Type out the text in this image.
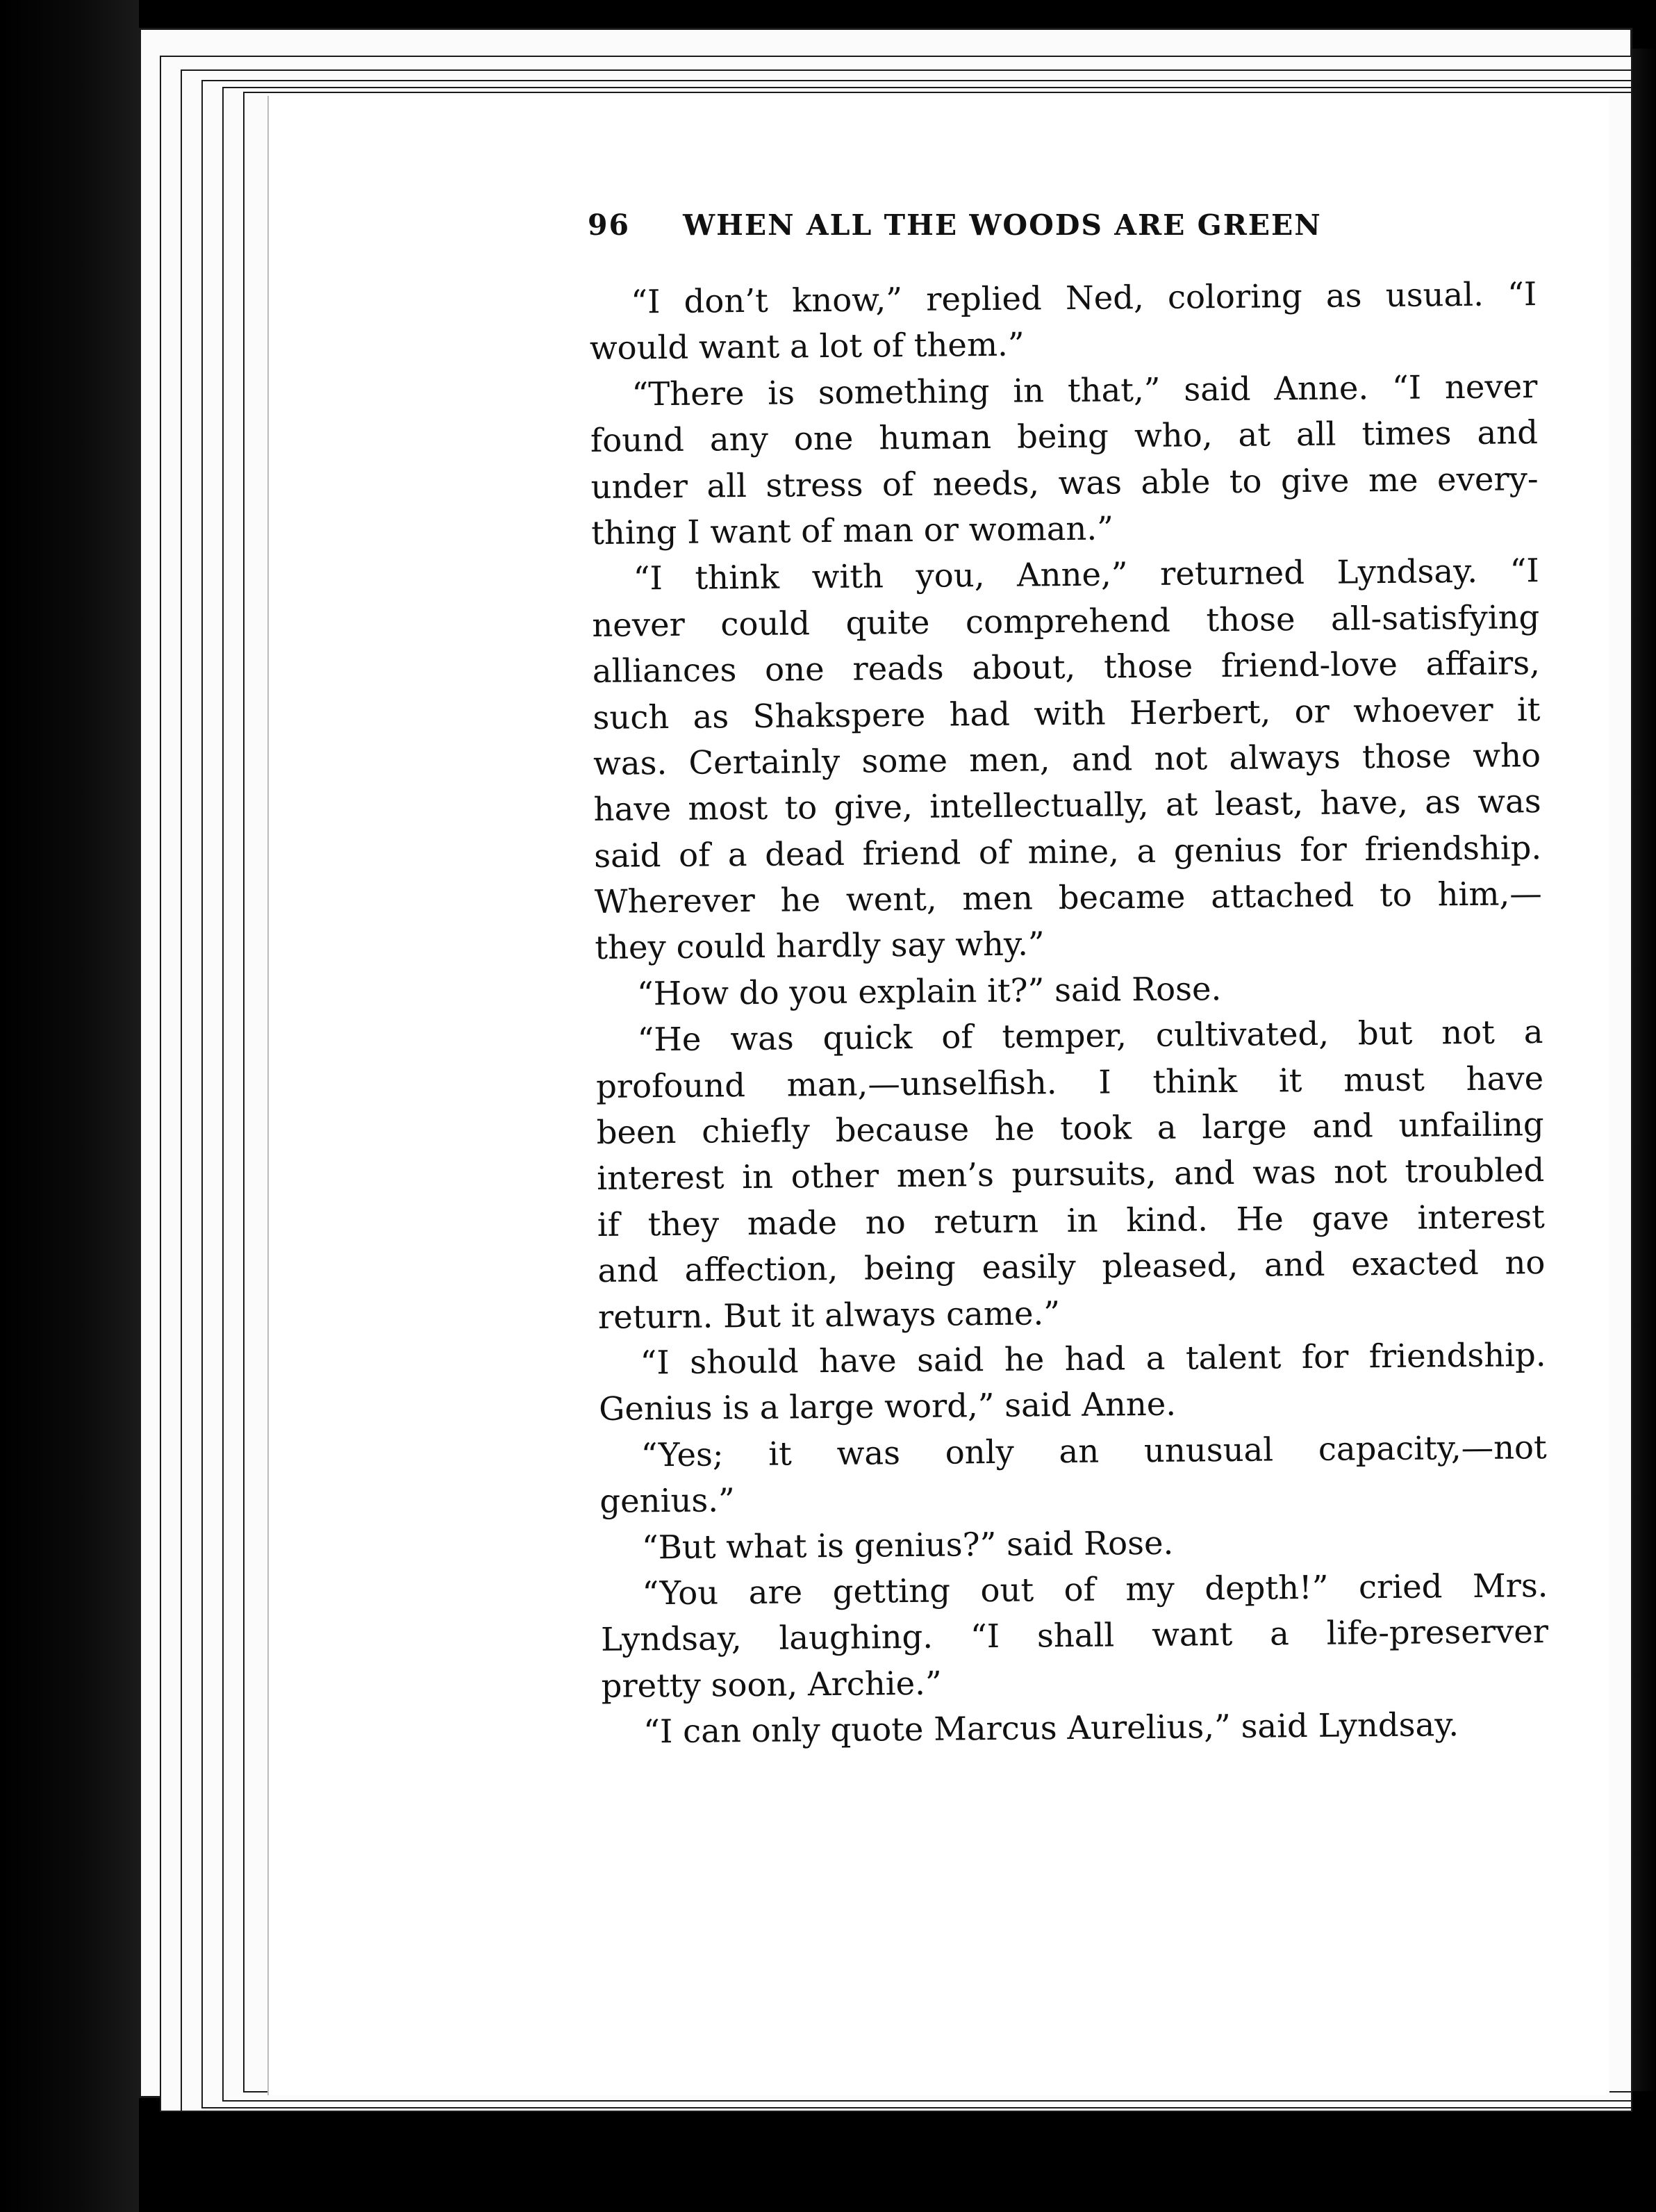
96 WHEN ALL THE WOODS ARE GREEN
“I don’t know,” replied Ned, coloring as usual. “I
would want a lot of them.”
“There is something in that,” said Anne. “I never
found any one human being who, at all times and
under all stress of needs, was able to give me every-
thing I want of man or woman.”
“I think with you, Anne,” returned Lyndsay. “I
never could quite comprehend those all-satisfying
alliances one reads about, those friend-love affairs,
such as Shakspere had with Herbert, or whoever it
was. Certainly some men, and not always those who
have most to give, intellectually, at least, have, as was
said of a dead friend of mine, a genius for friendship.
Wherever he went, men became attached to him,—
they could hardly say why.”
“How do you explain it?” said Rose.
“He was quick of temper, cultivated, but not a
profound man,—unselfish. I think it must have
been chiefly because he took a large and unfailing
interest in other men’s pursuits, and was not troubled
if they made no return in kind. He gave interest
and affection, being easily pleased, and exacted no
return. But it always came.”
“I should have said he had a talent for friendship.
Genius is a large word,” said Anne.
“Yes; it was only an unusual capacity,—not
genius.”
“But what is genius?” said Rose.
“You are getting out of my depth!” cried Mrs.
Lyndsay, laughing. “I shall want a life-preserver
pretty soon, Archie.”
“I can only quote Marcus Aurelius,” said Lyndsay.
